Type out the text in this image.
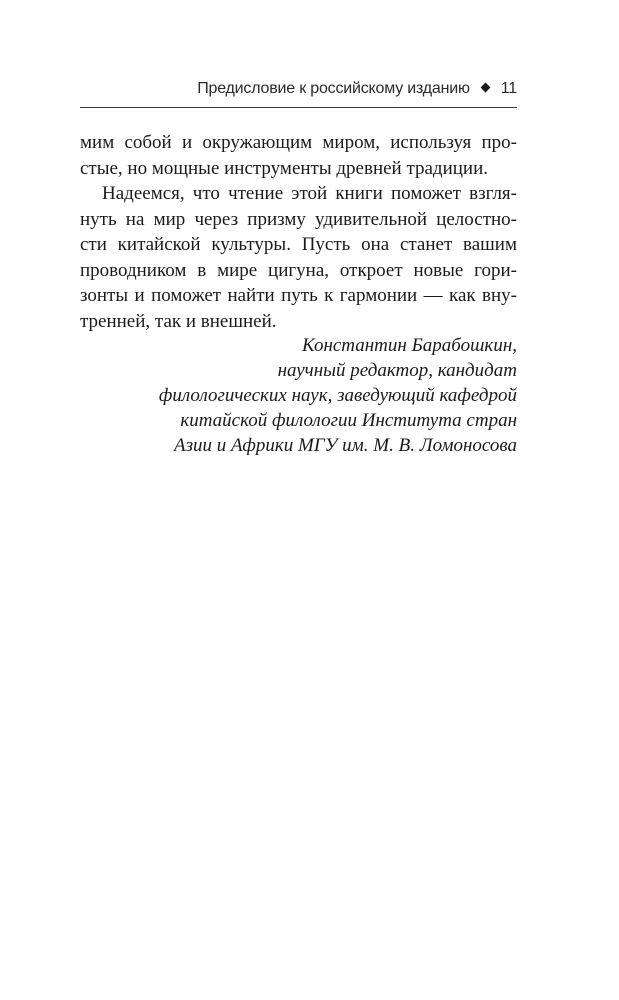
Предисловие к российскому изданию 11
мим собой и окружающим миром, используя про-
стые, но мощные инструменты древней традиции.
Надеемся, что чтение этой книги поможет взгля-
нуть на мир через призму удивительной целостно-
сти китайской культуры. Пусть она станет вашим
проводником в мире цигуна, откроет новые гори-
зонты и поможет найти путь к гармонии — как вну-
тренней, так и внешней.
Константин Барабошкин,
научный редактор, кандидат
филологических наук, заведующий кафедрой
китайской филологии Института стран
Азии и Африки МГУ им. М. В. Ломоносова
